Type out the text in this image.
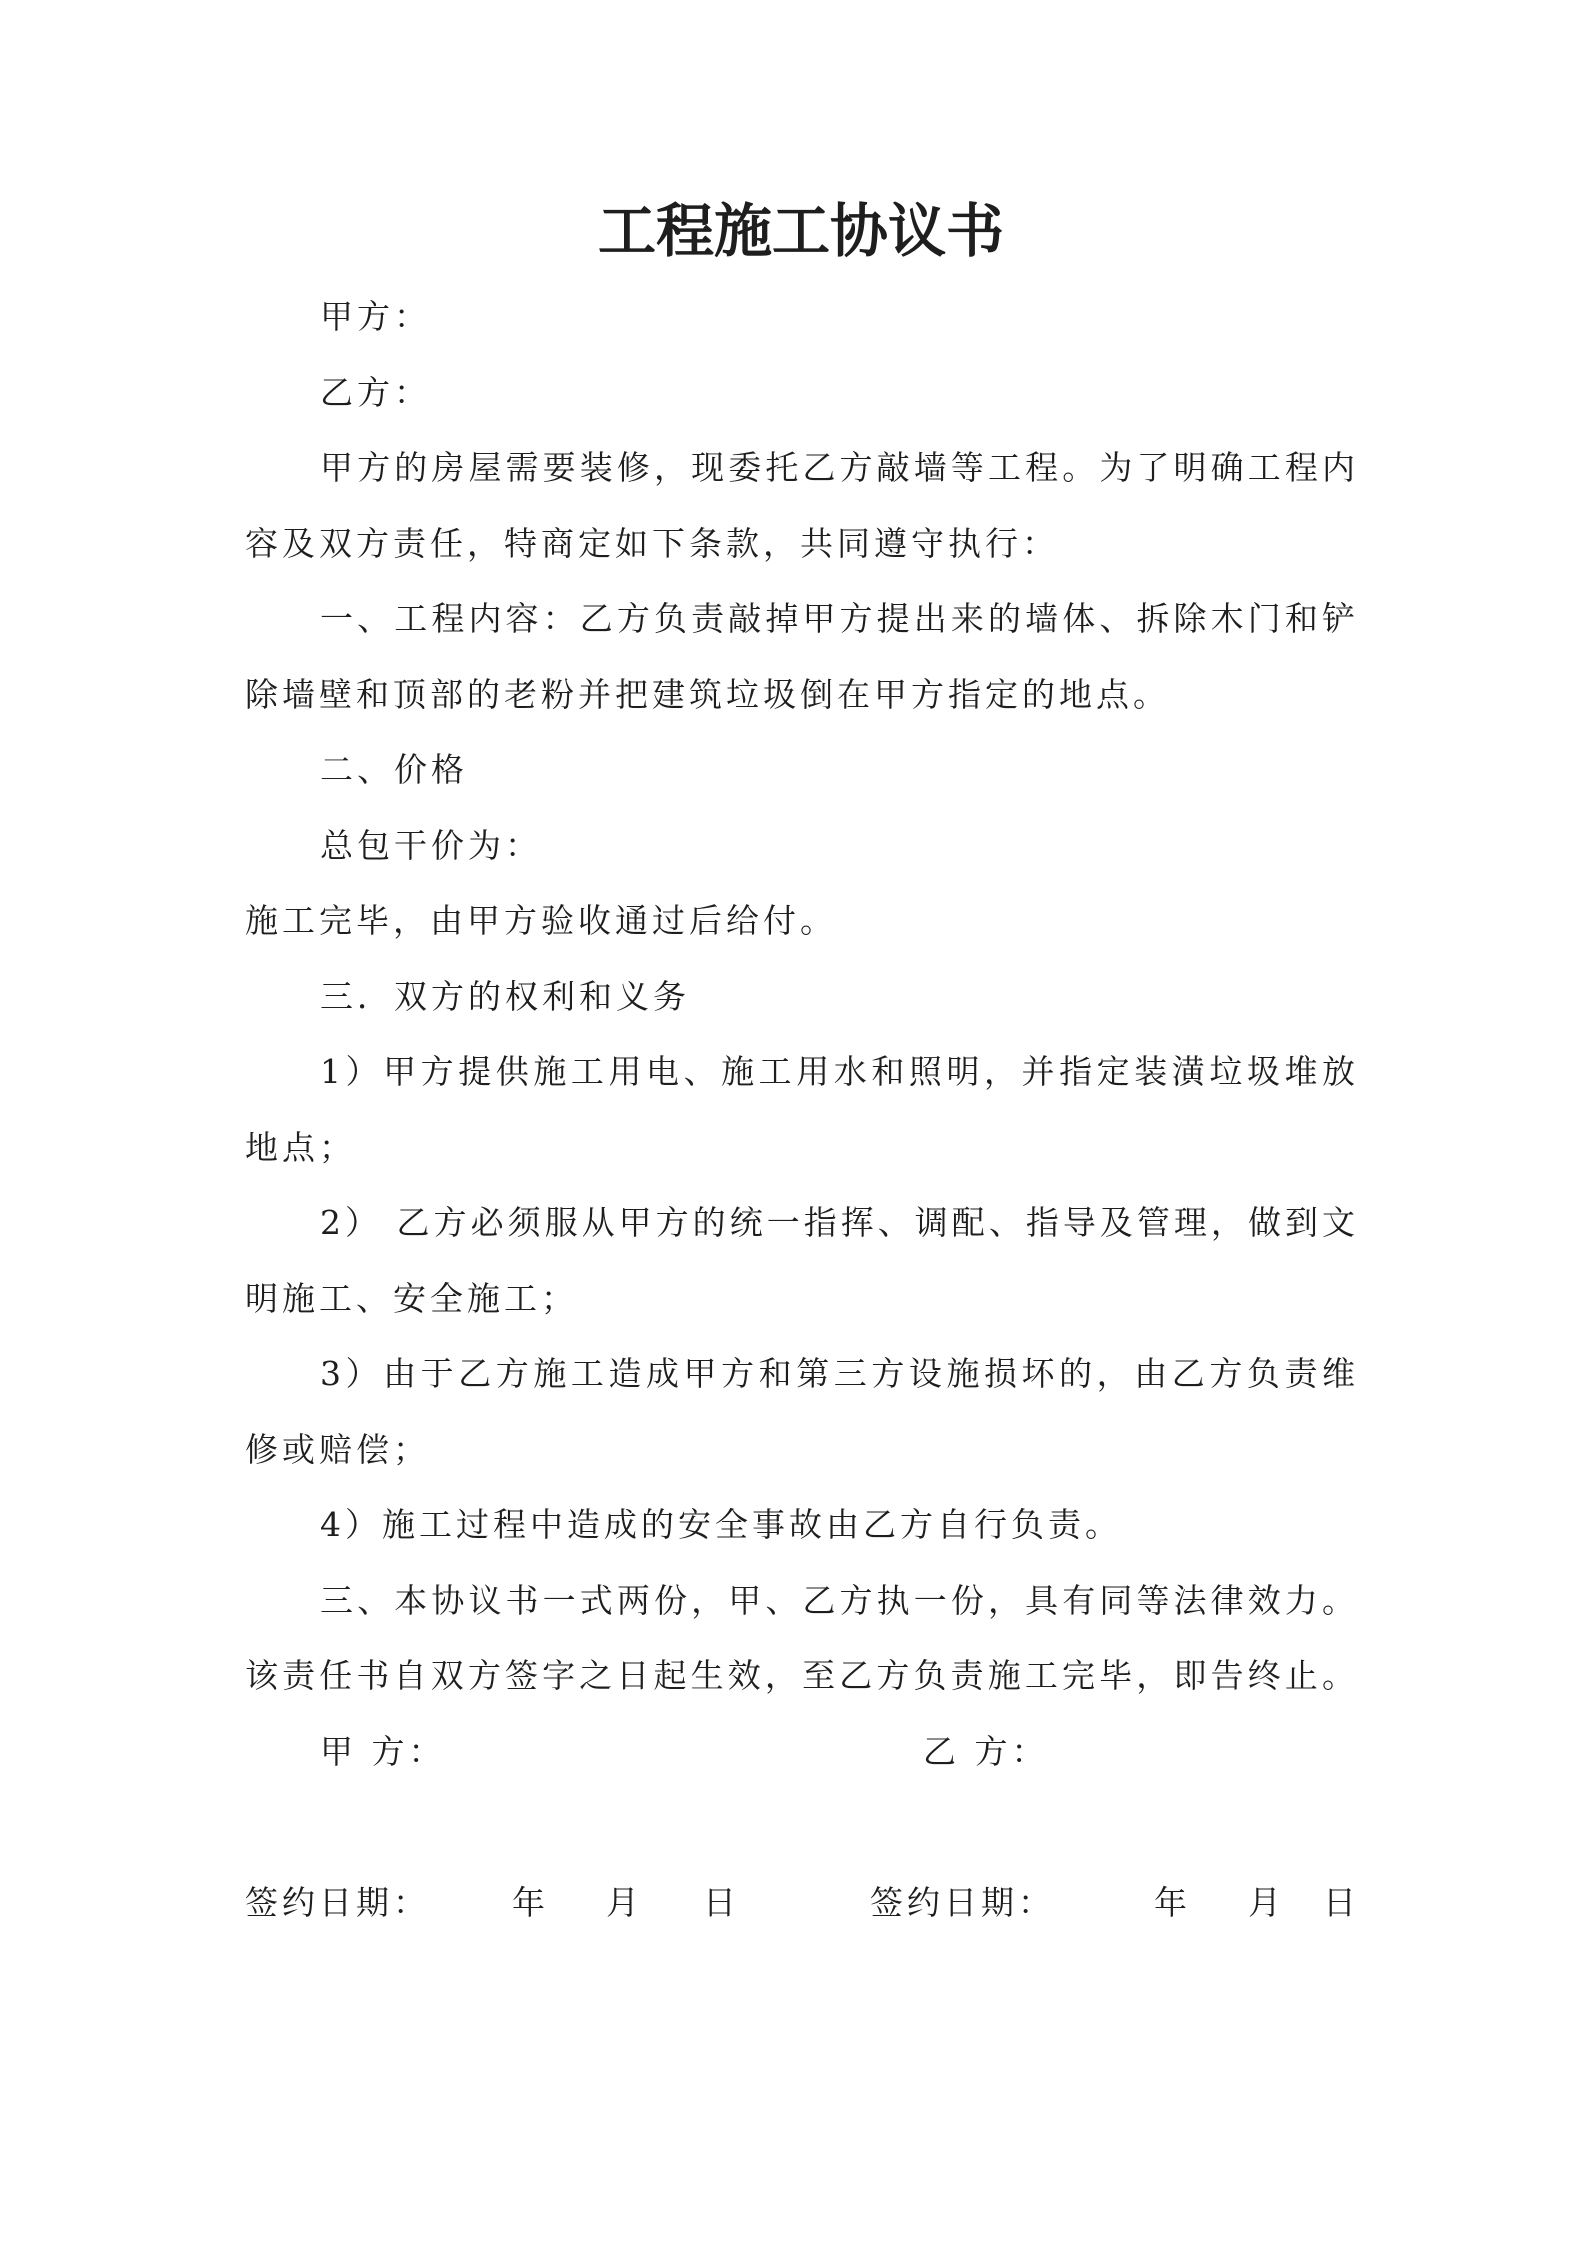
工程施工协议书
甲方：
乙方：
甲方的房屋需要装修，现委托乙方敲墙等工程。为了明确工程内
容及双方责任，特商定如下条款，共同遵守执行：
一、工程内容：乙方负责敲掉甲方提出来的墙体、拆除木门和铲
除墙壁和顶部的老粉并把建筑垃圾倒在甲方指定的地点。
二、价格
总包干价为：
施工完毕，由甲方验收通过后给付。
三．双方的权利和义务
1）甲方提供施工用电、施工用水和照明，并指定装潢垃圾堆放
地点；
2） 乙方必须服从甲方的统一指挥、调配、指导及管理，做到文
明施工、安全施工；
3）由于乙方施工造成甲方和第三方设施损坏的，由乙方负责维
修或赔偿；
4）施工过程中造成的安全事故由乙方自行负责。
三、本协议书一式两份，甲、乙方执一份，具有同等法律效力。
该责任书自双方签字之日起生效，至乙方负责施工完毕，即告终止。
甲 方：	乙 方：
签约日期： 年 月 日	签约日期：	年 月 日
